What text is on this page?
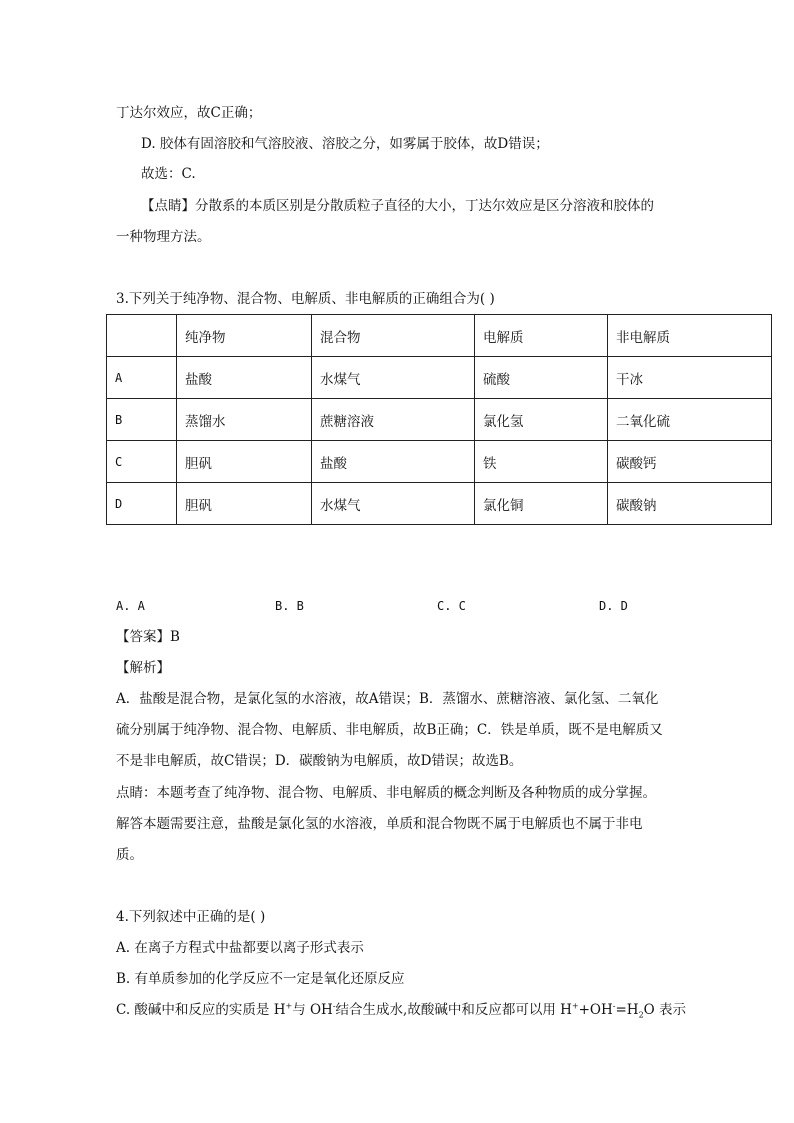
丁达尔效应，故C正确；
D. 胶体有固溶胶和气溶胶液、溶胶之分，如雾属于胶体，故D错误；
故选：C.
【点睛】分散系的本质区别是分散质粒子直径的大小，丁达尔效应是区分溶液和胶体的
一种物理方法。
3.下列关于纯净物、混合物、电解质、非电解质的正确组合为( )
	纯净物	混合物	电解质	非电解质
A	盐酸	水煤气	硫酸	干冰
B	蒸馏水	蔗糖溶液	氯化氢	二氧化硫
C	胆矾	盐酸	铁	碳酸钙
D	胆矾	水煤气	氯化铜	碳酸钠
A. A	B. B	C. C	D. D
【答案】B
【解析】
A．盐酸是混合物，是氯化氢的水溶液，故A错误；B．蒸馏水、蔗糖溶液、氯化氢、二氧化
硫分别属于纯净物、混合物、电解质、非电解质，故B正确；C．铁是单质，既不是电解质又
不是非电解质，故C错误；D．碳酸钠为电解质，故D错误；故选B。
点睛：本题考查了纯净物、混合物、电解质、非电解质的概念判断及各种物质的成分掌握。
解答本题需要注意，盐酸是氯化氢的水溶液，单质和混合物既不属于电解质也不属于非电
质。
4.下列叙述中正确的是( )
A. 在离子方程式中盐都要以离子形式表示
B. 有单质参加的化学反应不一定是氧化还原反应
C. 酸碱中和反应的实质是 H+与 OH-结合生成水,故酸碱中和反应都可以用 $H^++OH^-=H_2O$ 表示
